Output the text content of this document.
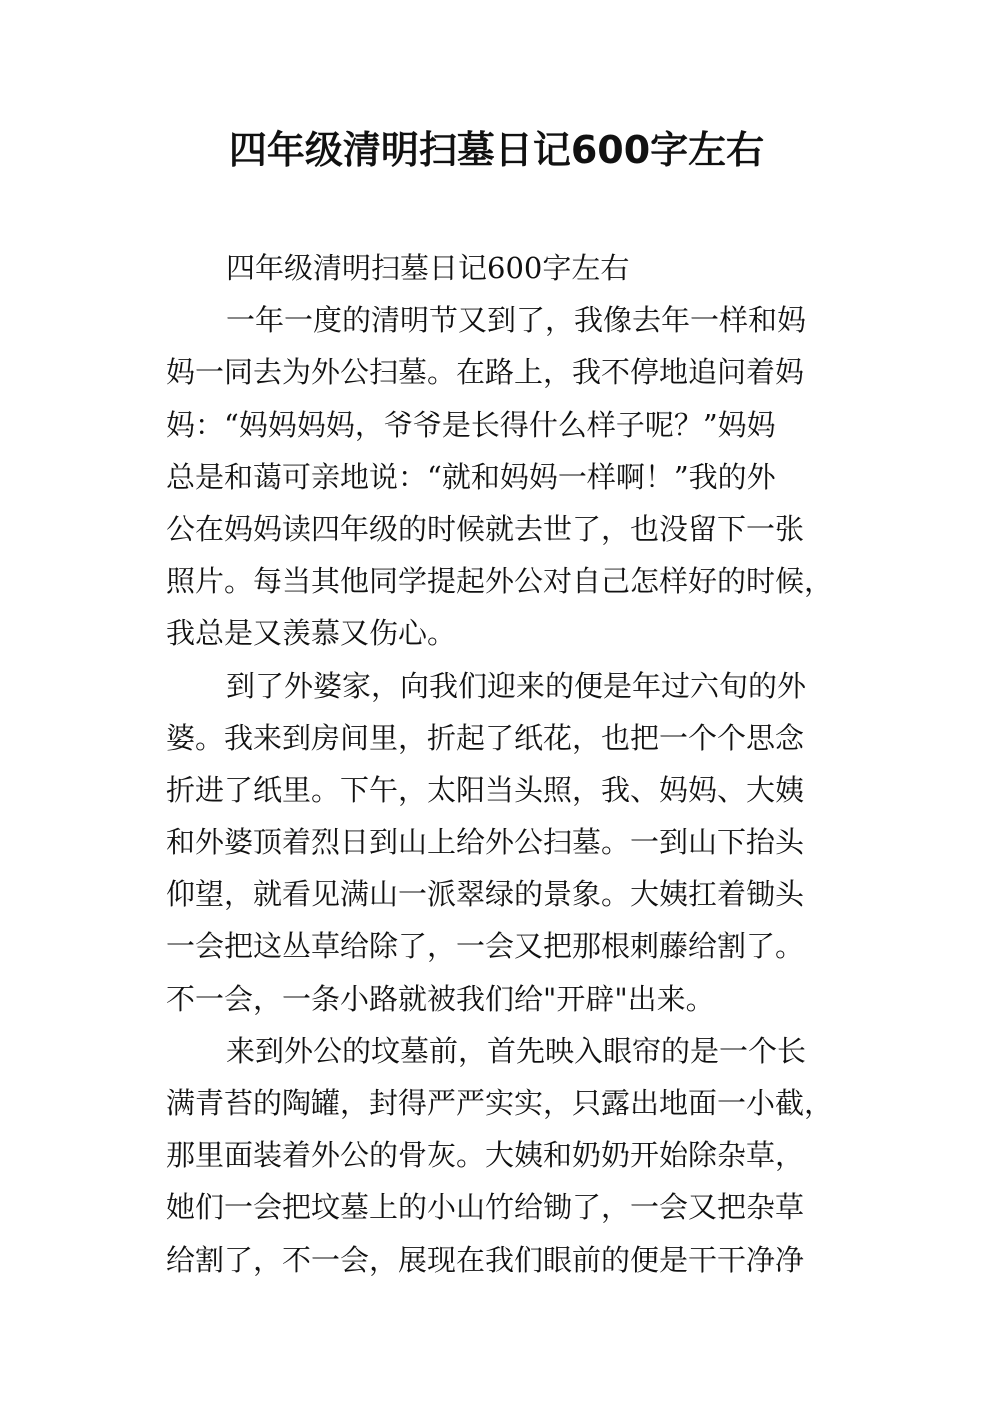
四年级清明扫墓日记600字左右
四年级清明扫墓日记600字左右
一年一度的清明节又到了，我像去年一样和妈
妈一同去为外公扫墓。在路上，我不停地追问着妈
妈：“妈妈妈妈，爷爷是长得什么样子呢？”妈妈
总是和蔼可亲地说：“就和妈妈一样啊！”我的外
公在妈妈读四年级的时候就去世了，也没留下一张
照片。每当其他同学提起外公对自己怎样好的时候，
我总是又羡慕又伤心。
到了外婆家，向我们迎来的便是年过六旬的外
婆。我来到房间里，折起了纸花，也把一个个思念
折进了纸里。下午，太阳当头照，我、妈妈、大姨
和外婆顶着烈日到山上给外公扫墓。一到山下抬头
仰望，就看见满山一派翠绿的景象。大姨扛着锄头
一会把这丛草给除了，一会又把那根刺藤给割了。
不一会，一条小路就被我们给"开辟"出来。
来到外公的坟墓前，首先映入眼帘的是一个长
满青苔的陶罐，封得严严实实，只露出地面一小截，
那里面装着外公的骨灰。大姨和奶奶开始除杂草，
她们一会把坟墓上的小山竹给锄了，一会又把杂草
给割了，不一会，展现在我们眼前的便是干干净净
